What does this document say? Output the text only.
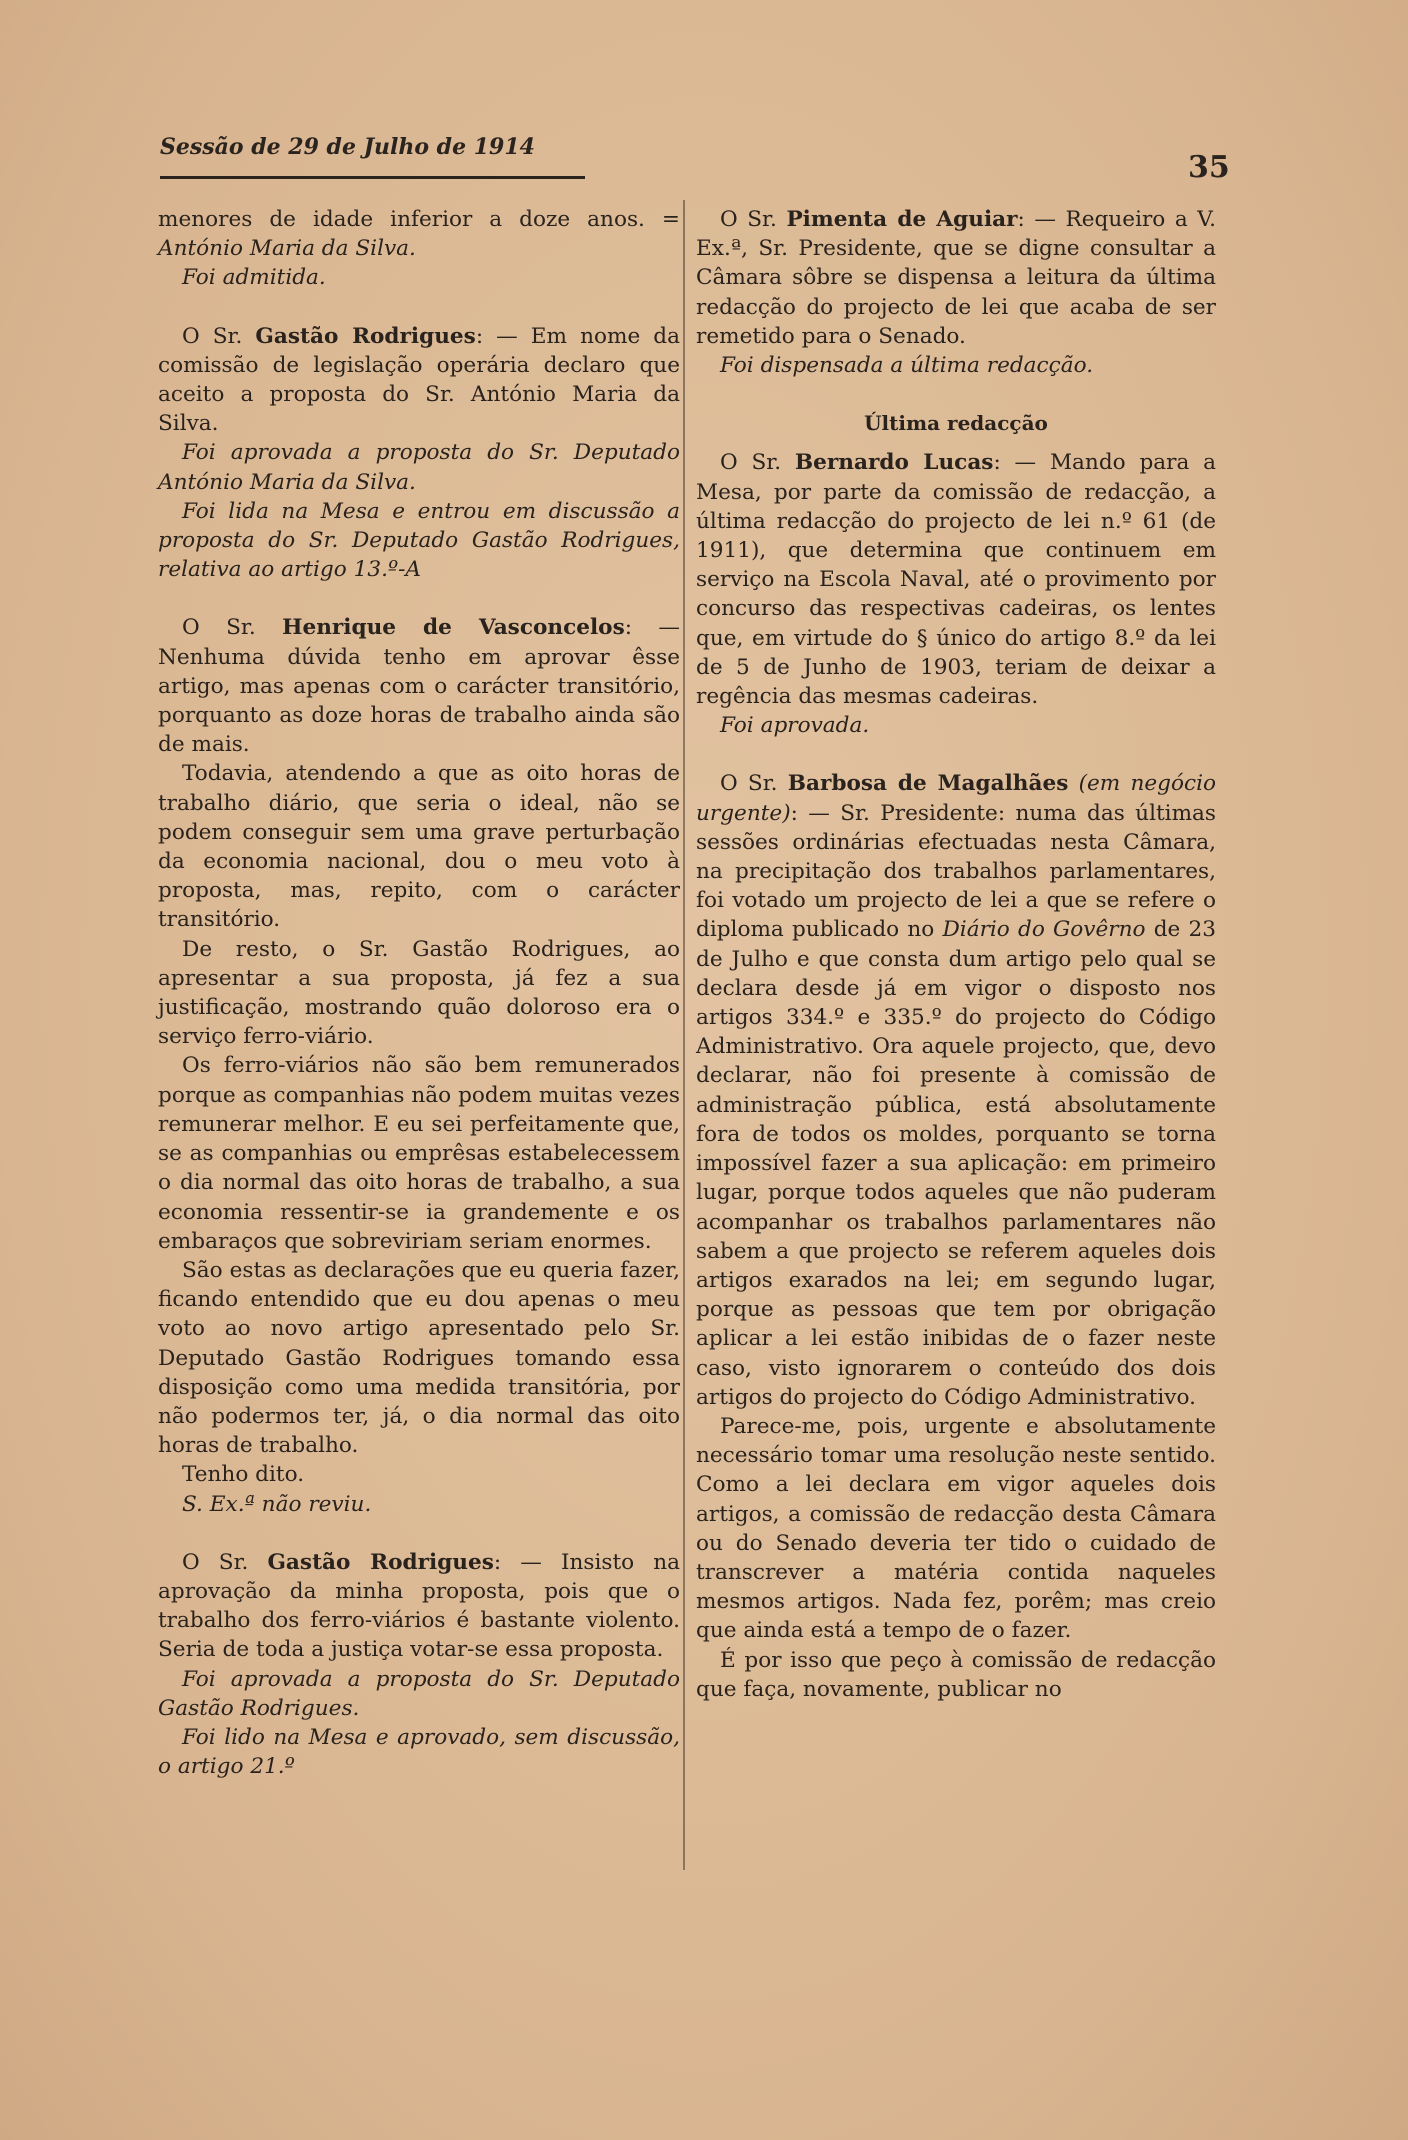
Sessão de 29 de Julho de 1914
35

menores de idade inferior a doze anos. = António Maria da Silva.

Foi admitida.

O Sr. Gastão Rodrigues: — Em nome da comissão de legislação operária declaro que aceito a proposta do Sr. António Maria da Silva.

Foi aprovada a proposta do Sr. Deputado António Maria da Silva.

Foi lida na Mesa e entrou em discussão a proposta do Sr. Deputado Gastão Rodrigues, relativa ao artigo 13.º-A

O Sr. Henrique de Vasconcelos: — Nenhuma dúvida tenho em aprovar êsse artigo, mas apenas com o carácter transitório, porquanto as doze horas de trabalho ainda são de mais.

Todavia, atendendo a que as oito horas de trabalho diário, que seria o ideal, não se podem conseguir sem uma grave perturbação da economia nacional, dou o meu voto à proposta, mas, repito, com o carácter transitório.

De resto, o Sr. Gastão Rodrigues, ao apresentar a sua proposta, já fez a sua justificação, mostrando quão doloroso era o serviço ferro-viário.

Os ferro-viários não são bem remunerados porque as companhias não podem muitas vezes remunerar melhor. E eu sei perfeitamente que, se as companhias ou emprêsas estabelecessem o dia normal das oito horas de trabalho, a sua economia ressentir-se ia grandemente e os embaraços que sobreviriam seriam enormes.

São estas as declarações que eu queria fazer, ficando entendido que eu dou apenas o meu voto ao novo artigo apresentado pelo Sr. Deputado Gastão Rodrigues tomando essa disposição como uma medida transitória, por não podermos ter, já, o dia normal das oito horas de trabalho.

Tenho dito.

S. Ex.ª não reviu.

O Sr. Gastão Rodrigues: — Insisto na aprovação da minha proposta, pois que o trabalho dos ferro-viários é bastante violento. Seria de toda a justiça votar-se essa proposta.

Foi aprovada a proposta do Sr. Deputado Gastão Rodrigues.

Foi lido na Mesa e aprovado, sem discussão, o artigo 21.º

O Sr. Pimenta de Aguiar: — Requeiro a V. Ex.ª, Sr. Presidente, que se digne consultar a Câmara sôbre se dispensa a leitura da última redacção do projecto de lei que acaba de ser remetido para o Senado.

Foi dispensada a última redacção.

Última redacção

O Sr. Bernardo Lucas: — Mando para a Mesa, por parte da comissão de redacção, a última redacção do projecto de lei n.º 61 (de 1911), que determina que continuem em serviço na Escola Naval, até o provimento por concurso das respectivas cadeiras, os lentes que, em virtude do § único do artigo 8.º da lei de 5 de Junho de 1903, teriam de deixar a regência das mesmas cadeiras.

Foi aprovada.

O Sr. Barbosa de Magalhães (em negócio urgente): — Sr. Presidente: numa das últimas sessões ordinárias efectuadas nesta Câmara, na precipitação dos trabalhos parlamentares, foi votado um projecto de lei a que se refere o diploma publicado no Diário do Govêrno de 23 de Julho e que consta dum artigo pelo qual se declara desde já em vigor o disposto nos artigos 334.º e 335.º do projecto do Código Administrativo. Ora aquele projecto, que, devo declarar, não foi presente à comissão de administração pública, está absolutamente fora de todos os moldes, porquanto se torna impossível fazer a sua aplicação: em primeiro lugar, porque todos aqueles que não puderam acompanhar os trabalhos parlamentares não sabem a que projecto se referem aqueles dois artigos exarados na lei; em segundo lugar, porque as pessoas que tem por obrigação aplicar a lei estão inibidas de o fazer neste caso, visto ignorarem o conteúdo dos dois artigos do projecto do Código Administrativo.

Parece-me, pois, urgente e absolutamente necessário tomar uma resolução neste sentido. Como a lei declara em vigor aqueles dois artigos, a comissão de redacção desta Câmara ou do Senado deveria ter tido o cuidado de transcrever a matéria contida naqueles mesmos artigos. Nada fez, porêm; mas creio que ainda está a tempo de o fazer.

É por isso que peço à comissão de redacção que faça, novamente, publicar no
